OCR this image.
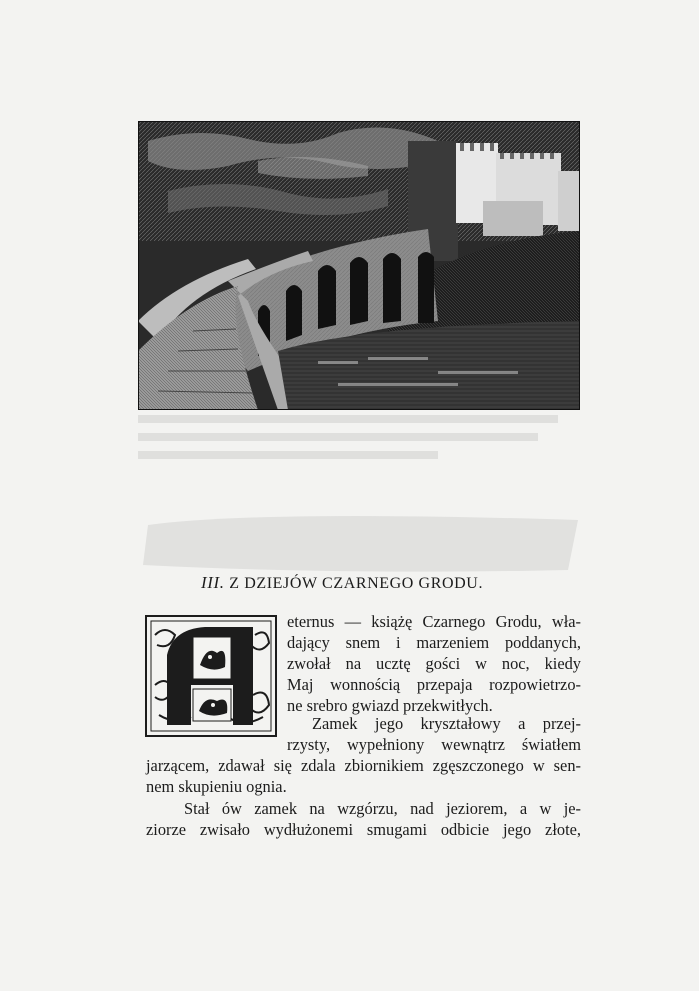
III. Z DZIEJÓW CZARNEGO GRODU.
eternus — książę Czarnego Grodu, wła-
dający snem i marzeniem poddanych,
zwołał na ucztę gości w noc, kiedy
Maj wonnością przepaja rozpowietrzo-
ne srebro gwiazd przekwitłych.
Zamek jego kryształowy a przej-
rzysty, wypełniony wewnątrz światłem
jarzącem, zdawał się zdala zbiornikiem zgęszczonego w sen-
nem skupieniu ognia.
Stał ów zamek na wzgórzu, nad jeziorem, a w je-
ziorze zwisało wydłużonemi smugami odbicie jego złote,
